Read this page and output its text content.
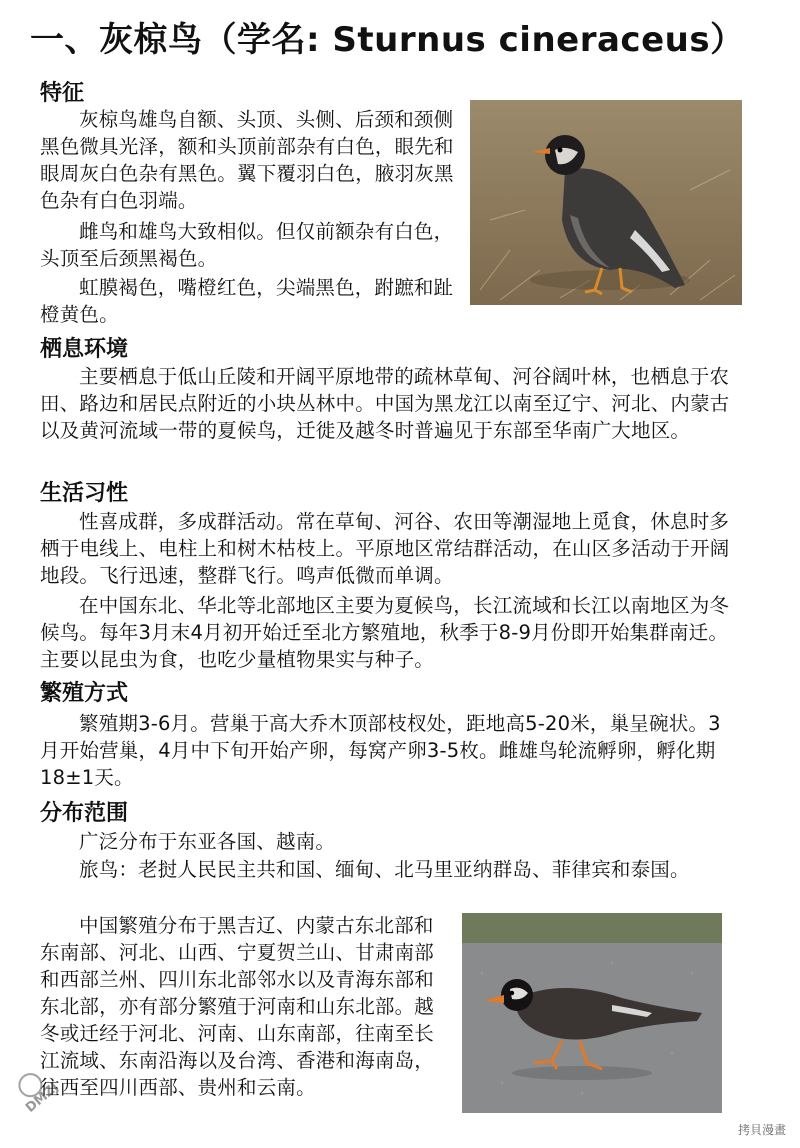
一、灰椋鸟（学名: Sturnus cineraceus）
特征
灰椋鸟雄鸟自额、头顶、头侧、后颈和颈侧黑色微具光泽，额和头顶前部杂有白色，眼先和眼周灰白色杂有黑色。翼下覆羽白色，腋羽灰黑色杂有白色羽端。
雌鸟和雄鸟大致相似。但仅前额杂有白色，头顶至后颈黑褐色。
虹膜褐色，嘴橙红色，尖端黑色，跗蹠和趾橙黄色。
栖息环境
主要栖息于低山丘陵和开阔平原地带的疏林草甸、河谷阔叶林，也栖息于农田、路边和居民点附近的小块丛林中。中国为黑龙江以南至辽宁、河北、内蒙古以及黄河流域一带的夏候鸟，迁徙及越冬时普遍见于东部至华南广大地区。
生活习性
性喜成群，多成群活动。常在草甸、河谷、农田等潮湿地上觅食，休息时多栖于电线上、电柱上和树木枯枝上。平原地区常结群活动，在山区多活动于开阔地段。飞行迅速，整群飞行。鸣声低微而单调。
在中国东北、华北等北部地区主要为夏候鸟，长江流域和长江以南地区为冬候鸟。每年3月末4月初开始迁至北方繁殖地，秋季于8-9月份即开始集群南迁。 主要以昆虫为食，也吃少量植物果实与种子。
繁殖方式
繁殖期3-6月。营巢于高大乔木顶部枝杈处，距地高5-20米，巢呈碗状。3月开始营巢，4月中下旬开始产卵，每窝产卵3-5枚。雌雄鸟轮流孵卵，孵化期18±1天。
分布范围
广泛分布于东亚各国、越南。
旅鸟：老挝人民民主共和国、缅甸、北马里亚纳群岛、菲律宾和泰国。
中国繁殖分布于黑吉辽、内蒙古东北部和东南部、河北、山西、宁夏贺兰山、甘肃南部和西部兰州、四川东北部邻水以及青海东部和东北部，亦有部分繁殖于河南和山东北部。越冬或迁经于河北、河南、山东南部，往南至长江流域、东南沿海以及台湾、香港和海南岛，往西至四川西部、贵州和云南。
DMZJ
拷貝漫畫
